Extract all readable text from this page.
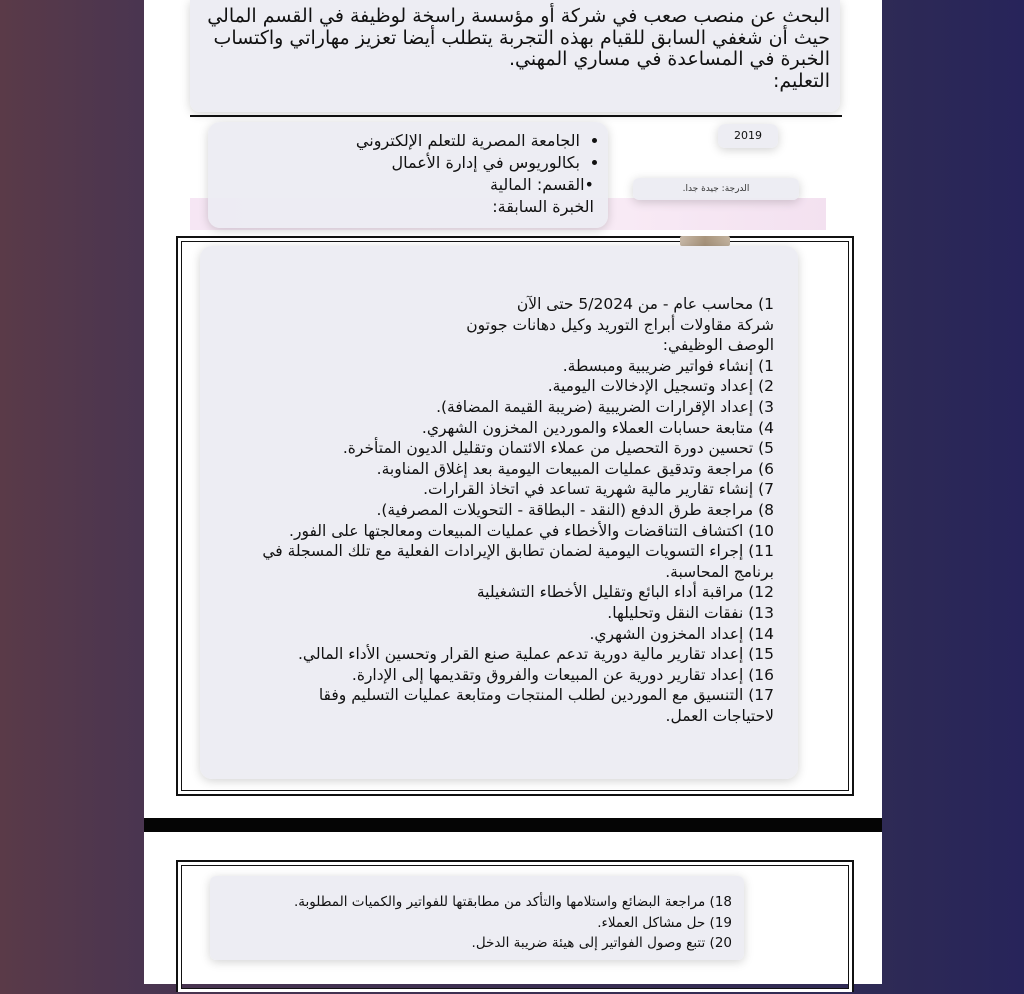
البحث عن منصب صعب في شركة أو مؤسسة راسخة لوظيفة في القسم المالي
حيث أن شغفي السابق للقيام بهذه التجربة يتطلب أيضا تعزيز مهاراتي واكتساب
الخبرة في المساعدة في مساري المهني.
التعليم:
2019
الدرجة: جيدة جدا.
• الجامعة المصرية للتعلم الإلكتروني
• بكالوريوس في إدارة الأعمال
•القسم: المالية
الخبرة السابقة:

1) محاسب عام - من 5/2024 حتى الآن

شركة مقاولات أبراج التوريد وكيل دهانات جوتون

الوصف الوظيفي:

1) إنشاء فواتير ضريبية ومبسطة.

2) إعداد وتسجيل الإدخالات اليومية.

3) إعداد الإقرارات الضريبية (ضريبة القيمة المضافة).

4) متابعة حسابات العملاء والموردين المخزون الشهري.

5) تحسين دورة التحصيل من عملاء الائتمان وتقليل الديون المتأخرة.

6) مراجعة وتدقيق عمليات المبيعات اليومية بعد إغلاق المناوبة.

7) إنشاء تقارير مالية شهرية تساعد في اتخاذ القرارات.

8) مراجعة طرق الدفع (النقد - البطاقة - التحويلات المصرفية).

10) اكتشاف التناقضات والأخطاء في عمليات المبيعات ومعالجتها على الفور.

11) إجراء التسويات اليومية لضمان تطابق الإيرادات الفعلية مع تلك المسجلة في

برنامج المحاسبة.

12) مراقبة أداء البائع وتقليل الأخطاء التشغيلية

13) نفقات النقل وتحليلها.

14) إعداد المخزون الشهري.

15) إعداد تقارير مالية دورية تدعم عملية صنع القرار وتحسين الأداء المالي.

16) إعداد تقارير دورية عن المبيعات والفروق وتقديمها إلى الإدارة.

17) التنسيق مع الموردين لطلب المنتجات ومتابعة عمليات التسليم وفقا

لاحتياجات العمل.

18) مراجعة البضائع واستلامها والتأكد من مطابقتها للفواتير والكميات المطلوبة.

19) حل مشاكل العملاء.

20) تتبع وصول الفواتير إلى هيئة ضريبة الدخل.
